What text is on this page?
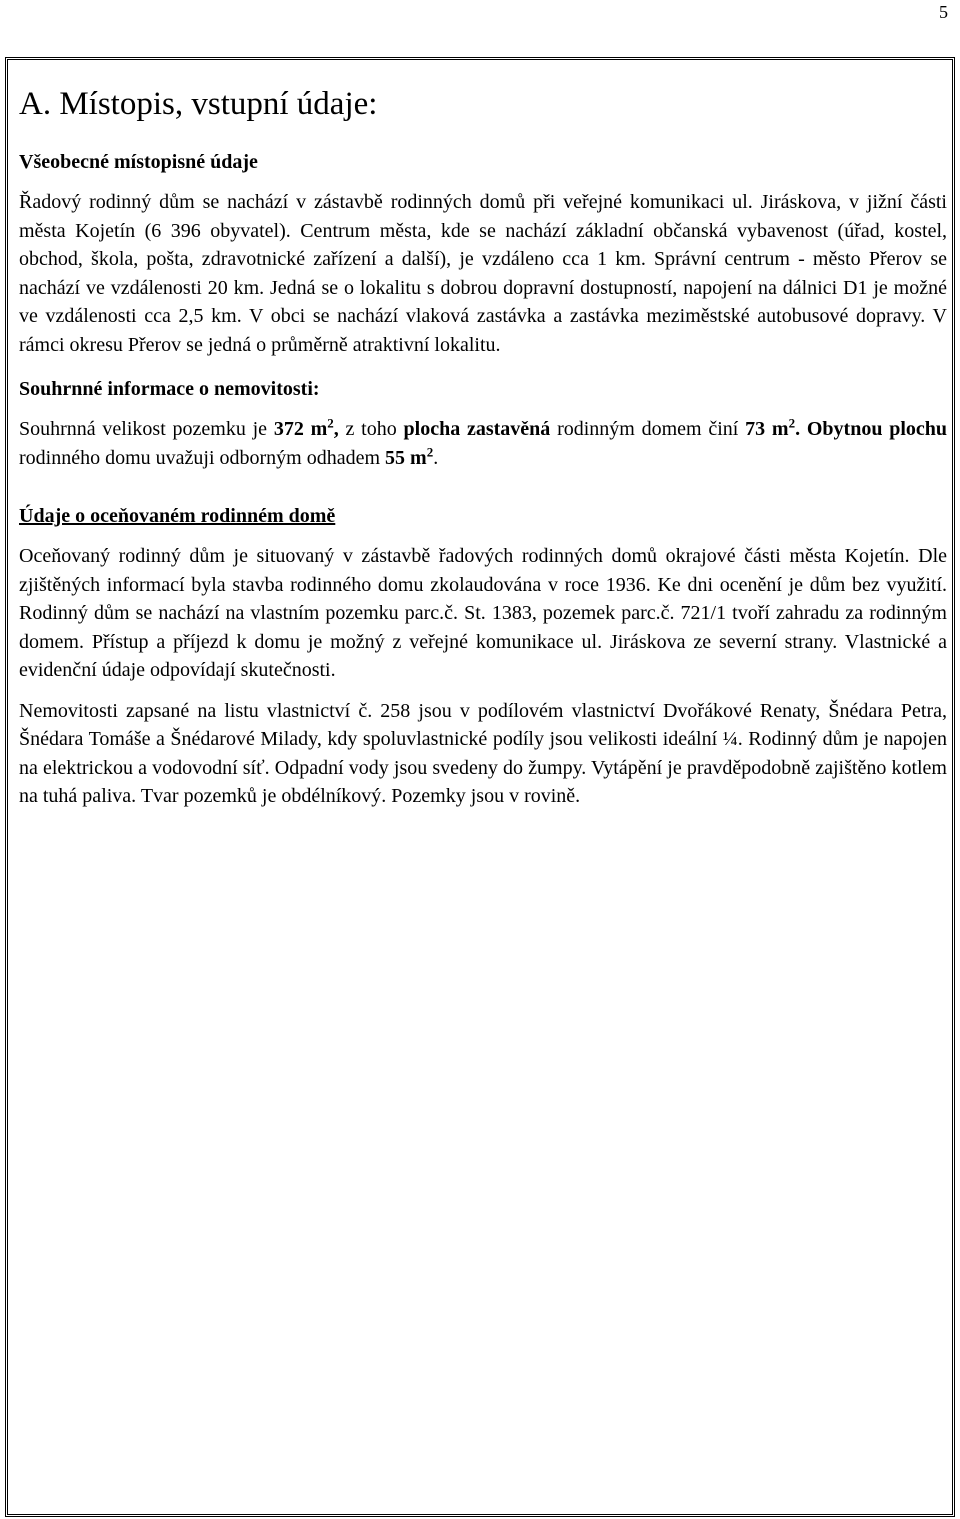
5
A. Místopis, vstupní údaje:
Všeobecné místopisné údaje

Řadový rodinný dům se nachází v zástavbě rodinných domů při veřejné komunikaci ul. Jiráskova, v jižní části města Kojetín (6 396 obyvatel). Centrum města, kde se nachází základní občanská vybavenost (úřad, kostel, obchod, škola, pošta, zdravotnické zařízení a další), je vzdáleno cca 1 km. Správní centrum - město Přerov se nachází ve vzdálenosti 20 km. Jedná se o lokalitu s dobrou dopravní dostupností, napojení na dálnici D1 je možné ve vzdálenosti cca 2,5 km. V obci se nachází vlaková zastávka a zastávka meziměstské autobusové dopravy. V rámci okresu Přerov se jedná o průměrně atraktivní lokalitu.

Souhrnné informace o nemovitosti:

Souhrnná velikost pozemku je 372 $m^2$, z toho plocha zastavěná rodinným domem činí 73 $m^2$. Obytnou plochu rodinného domu uvažuji odborným odhadem 55 $m^2$.

Údaje o oceňovaném rodinném domě

Oceňovaný rodinný dům je situovaný v zástavbě řadových rodinných domů okrajové části města Kojetín. Dle zjištěných informací byla stavba rodinného domu zkolaudována v roce 1936. Ke dni ocenění je dům bez využití. Rodinný dům se nachází na vlastním pozemku parc.č. St. 1383, pozemek parc.č. 721/1 tvoří zahradu za rodinným domem. Přístup a příjezd k domu je možný z veřejné komunikace ul. Jiráskova ze severní strany. Vlastnické a evidenční údaje odpovídají skutečnosti.

Nemovitosti zapsané na listu vlastnictví č. 258 jsou v podílovém vlastnictví Dvořákové Renaty, Šnédara Petra, Šnédara Tomáše a Šnédarové Milady, kdy spoluvlastnické podíly jsou velikosti ideální ¼. Rodinný dům je napojen na elektrickou a vodovodní síť. Odpadní vody jsou svedeny do žumpy. Vytápění je pravděpodobně zajištěno kotlem na tuhá paliva. Tvar pozemků je obdélníkový. Pozemky jsou v rovině.
